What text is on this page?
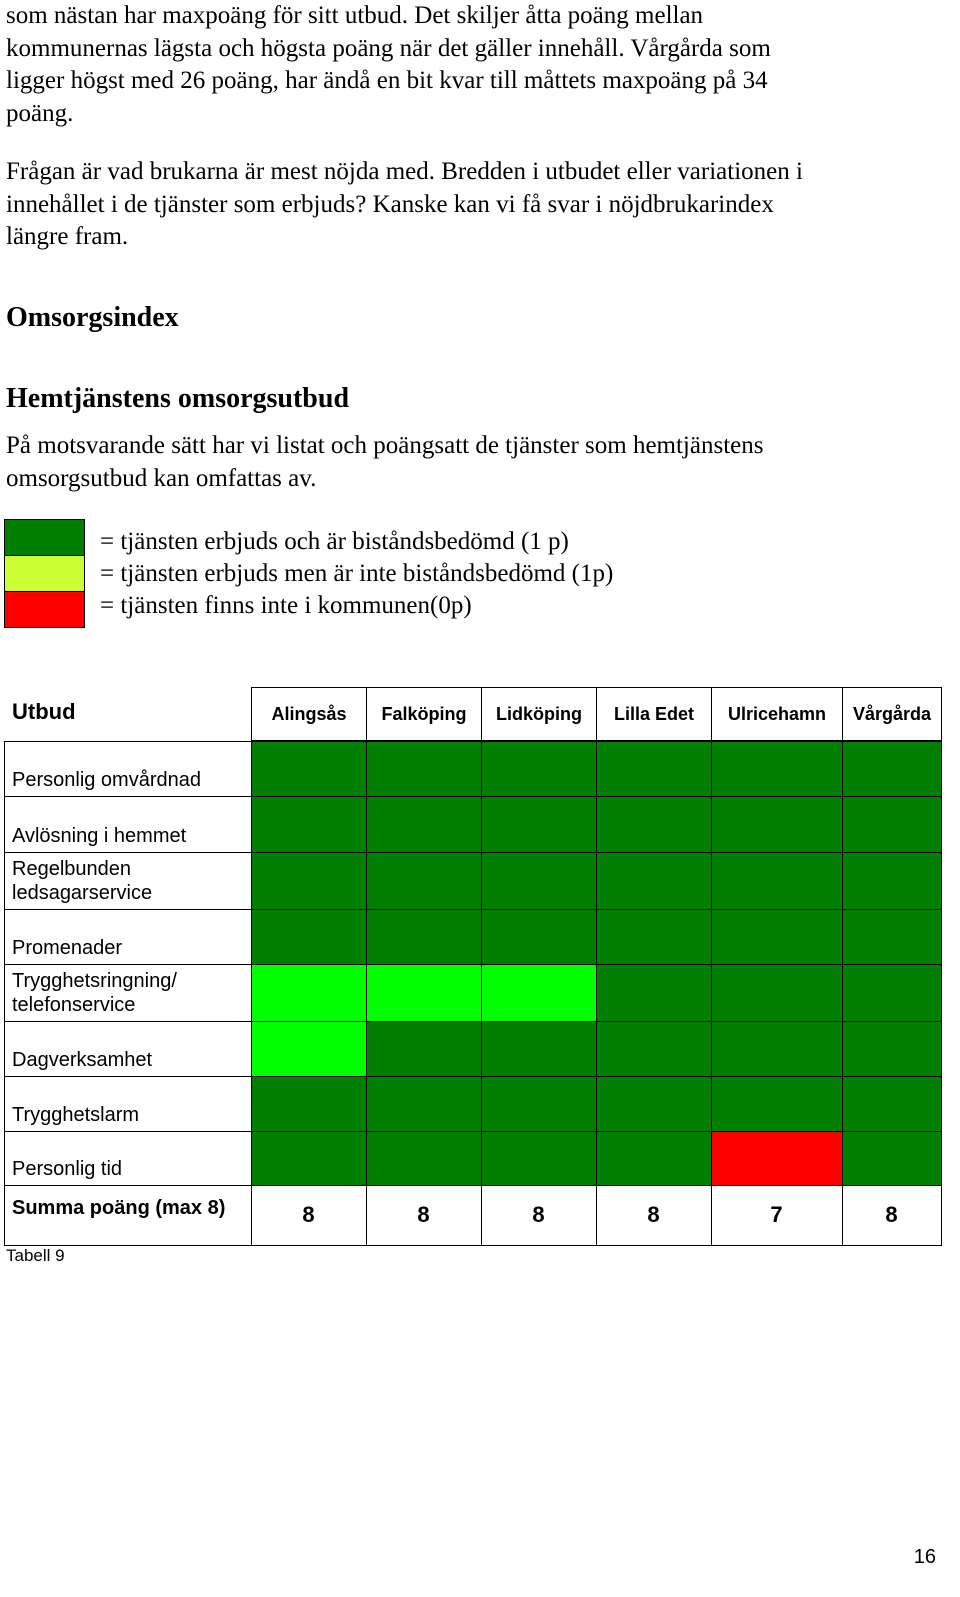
som nästan har maxpoäng för sitt utbud. Det skiljer åtta poäng mellan
kommunernas lägsta och högsta poäng när det gäller innehåll. Vårgårda som
ligger högst med 26 poäng, har ändå en bit kvar till måttets maxpoäng på 34
poäng.

Frågan är vad brukarna är mest nöjda med. Bredden i utbudet eller variationen i
innehållet i de tjänster som erbjuds? Kanske kan vi få svar i nöjdbrukarindex
längre fram.

Omsorgsindex
Hemtjänstens omsorgsutbud

På motsvarande sätt har vi listat och poängsatt de tjänster som hemtjänstens
omsorgsutbud kan omfattas av.

= tjänsten erbjuds och är biståndsbedömd (1 p)
= tjänsten erbjuds men är inte biståndsbedömd (1p)
= tjänsten finns inte i kommunen(0p)
Utbud	Alingsås	Falköping	Lidköping	Lilla Edet	Ulricehamn	Vårgårda
Personlig omvårdnad
Avlösning i hemmet
Regelbunden ledsagarservice
Promenader
Trygghetsringning/ telefonservice
Dagverksamhet
Trygghetslarm
Personlig tid
Summa poäng (max 8)	8	8	8	8	7	8
Tabell 9
16
